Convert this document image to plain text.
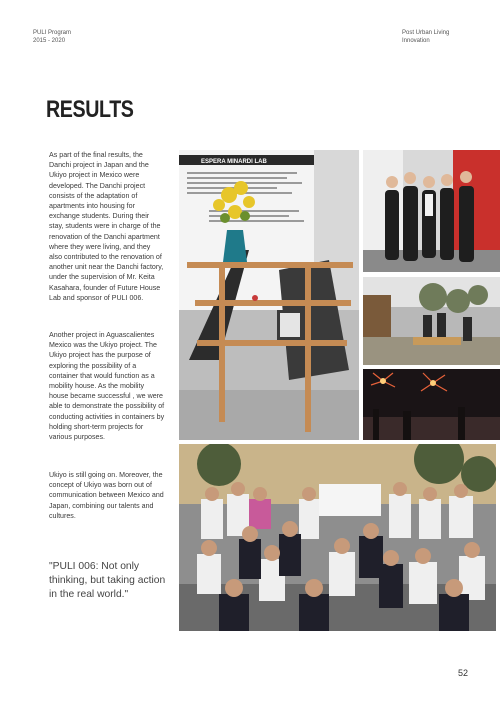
PULI Program
2015 - 2020
Post Urban Living
Innovation
RESULTS

As part of the final results, the Danchi project in Japan and the Ukiyo project in Mexico were developed. The Danchi project consists of the adaptation of apartments into housing for exchange students. During their stay, students were in charge of the renovation of the Danchi apartment where they were living, and they also contributed to the renovation of another unit near the Danchi factory, under the supervision of Mr. Keita Kasahara, founder of Future House Lab and sponsor of PULI 006.

Another project in Aguascalientes Mexico was the Ukiyo project. The Ukiyo project has the purpose of exploring the possibility of a container that would function as a mobility house. As the mobility house became successful , we were able to demonstrate the possibility of conducting activities in containers by holding short-term projects for various purposes.

Ukiyo is still going on. Moreover, the concept of Ukiyo was born out of communication between Mexico and Japan, combining our talents and cultures.

"PULI 006: Not only thinking, but taking action in the real world."

ESPERA MINARDI LAB
52
